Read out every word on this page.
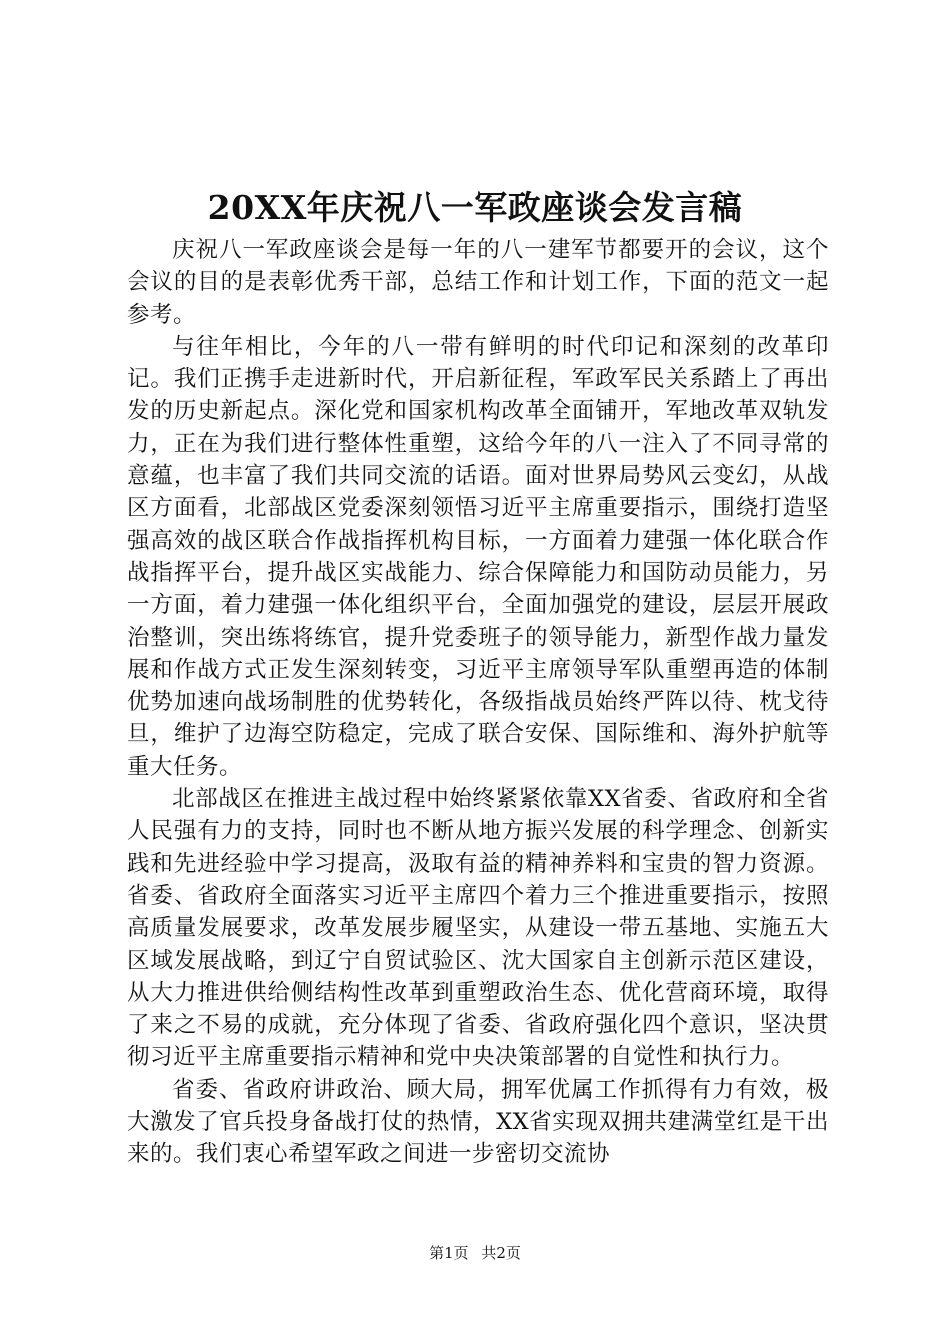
20XX年庆祝八一军政座谈会发言稿

庆祝八一军政座谈会是每一年的八一建军节都要开的会议，这个会议的目的是表彰优秀干部，总结工作和计划工作，下面的范文一起参考。

与往年相比，今年的八一带有鲜明的时代印记和深刻的改革印记。我们正携手走进新时代，开启新征程，军政军民关系踏上了再出发的历史新起点。深化党和国家机构改革全面铺开，军地改革双轨发力，正在为我们进行整体性重塑，这给今年的八一注入了不同寻常的意蕴，也丰富了我们共同交流的话语。面对世界局势风云变幻，从战区方面看，北部战区党委深刻领悟习近平主席重要指示，围绕打造坚强高效的战区联合作战指挥机构目标，一方面着力建强一体化联合作战指挥平台，提升战区实战能力、综合保障能力和国防动员能力，另一方面，着力建强一体化组织平台，全面加强党的建设，层层开展政治整训，突出练将练官，提升党委班子的领导能力，新型作战力量发展和作战方式正发生深刻转变，习近平主席领导军队重塑再造的体制优势加速向战场制胜的优势转化，各级指战员始终严阵以待、枕戈待旦，维护了边海空防稳定，完成了联合安保、国际维和、海外护航等重大任务。

北部战区在推进主战过程中始终紧紧依靠XX省委、省政府和全省人民强有力的支持，同时也不断从地方振兴发展的科学理念、创新实践和先进经验中学习提高，汲取有益的精神养料和宝贵的智力资源。省委、省政府全面落实习近平主席四个着力三个推进重要指示，按照高质量发展要求，改革发展步履坚实，从建设一带五基地、实施五大区域发展战略，到辽宁自贸试验区、沈大国家自主创新示范区建设，从大力推进供给侧结构性改革到重塑政治生态、优化营商环境，取得了来之不易的成就，充分体现了省委、省政府强化四个意识，坚决贯彻习近平主席重要指示精神和党中央决策部署的自觉性和执行力。

省委、省政府讲政治、顾大局，拥军优属工作抓得有力有效，极大激发了官兵投身备战打仗的热情，XX省实现双拥共建满堂红是干出来的。我们衷心希望军政之间进一步密切交流协

第1页 共2页
